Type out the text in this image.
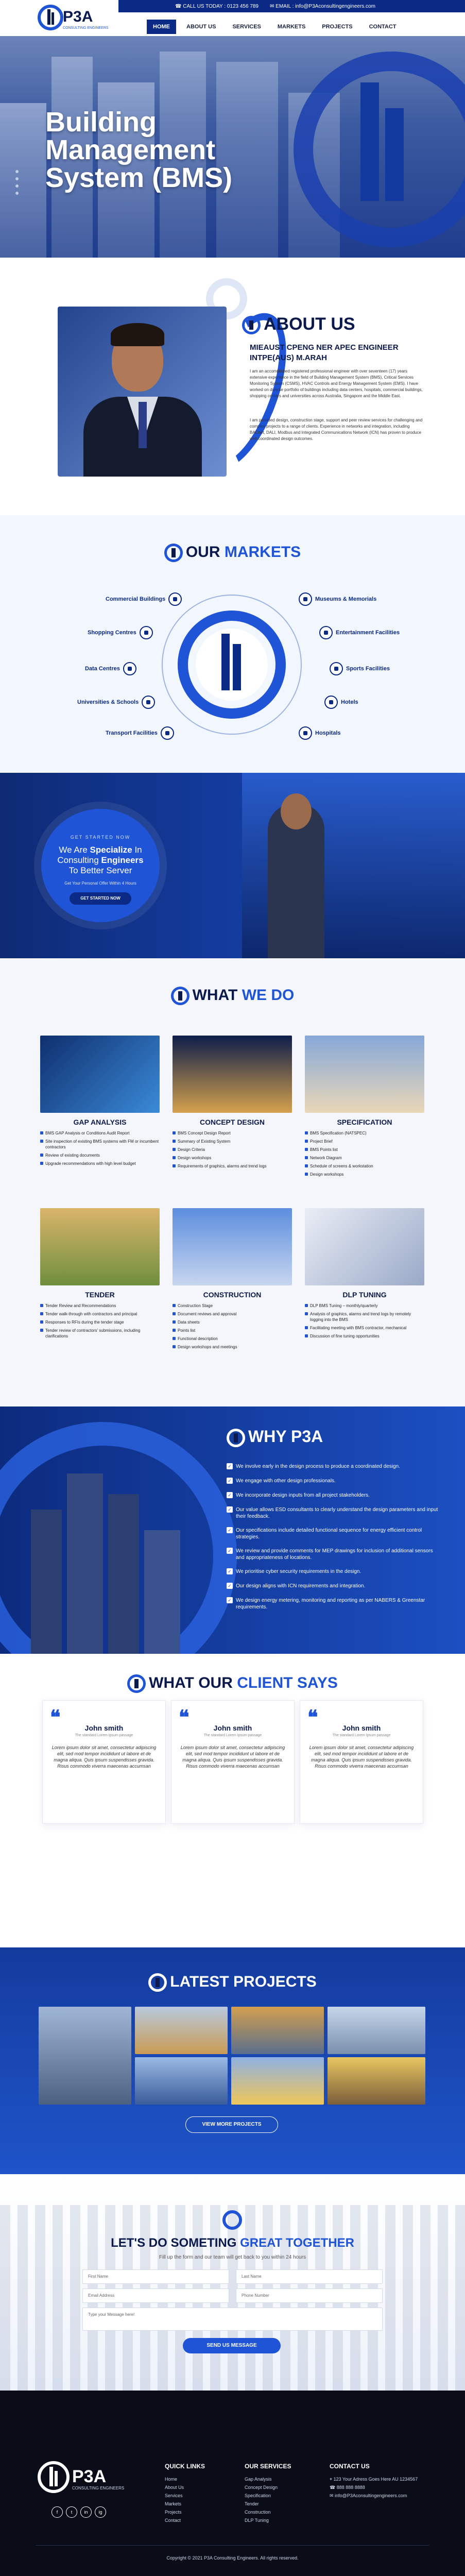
P3A
CONSULTING ENGINEERS
☎ CALL US TODAY : 0123 456 789 ✉ EMAIL : info@P3Aconsultingengineers.com
HOME	ABOUT US	SERVICES	MARKETS	PROJECTS	CONTACT
Building Management System (BMS)
ABOUT US
MIEAUST CPENG NER APEC ENGINEER INTPE(AUS) M.ARAH

I am an accomplished registered professional engineer with over seventeen (17) years extensive experience in the field of Building Management System (BMS), Critical Services Monitoring System (CSMS), HVAC Controls and Energy Management System (EMS). I have worked on diverse portfolio of buildings including data centers, hospitals, commercial buildings, shopping centers and universities across Australia, Singapore and the Middle East.

I am provided design, construction stage, support and peer review services for challenging and complex projects to a range of clients. Experience in networks and integration, including BACnet, DALI, Modbus and Integrated Communications Network (ICN) has proven to produce well-coordinated design outcomes.

OUR MARKETS
Commercial Buildings
Shopping Centres
Data Centres
Universities & Schools
Transport Facilities
Museums & Memorials
Entertainment Facilities
Sports Facilities
Hotels
Hospitals
GET STARTED NOW
We Are Specialize In
Consulting Engineers
To Better Server
Get Your Personal Offer Within 4 Hours
GET STARTED NOW
WHAT WE DO
GAP ANALYSIS
BMS GAP Analysis or Conditions Audit Report
Site inspection of existing BMS systems with FM or incumbent contractors
Review of existing documents
Upgrade recommendations with high level budget
CONCEPT DESIGN
BMS Concept Design Report
Summary of Existing System
Design Criteria
Design workshops
Requirements of graphics, alarms and trend logs
SPECIFICATION
BMS Specification (NATSPEC)
Project Brief
BMS Points list
Network Diagram
Schedule of screens & workstation
Design workshops
TENDER
Tender Review and Recommendations
Tender walk-through with contractors and principal
Responses to RFIs during the tender stage
Tender review of contractors' submissions, including clarifications
CONSTRUCTION
Construction Stage
Document reviews and approval
Data sheets
Points list
Functional description
Design workshops and meetings
DLP TUNING
DLP BMS Tuning – monthly/quarterly
Analysis of graphics, alarms and trend logs by remotely logging into the BMS
Facilitating meeting with BMS contractor, mechanical
Discussion of fine tuning opportunities
WHY P3A
✓ We involve early in the design process to produce a coordinated design.
✓ We engage with other design professionals.
✓ We incorporate design inputs from all project stakeholders.
✓ Our value allows ESD consultants to clearly understand the design parameters and input their feedback.
✓ Our specifications include detailed functional sequence for energy efficient control strategies.
✓ We review and provide comments for MEP drawings for inclusion of additional sensors and appropriateness of locations.
✓ We prioritise cyber security requirements in the design.
✓ Our design aligns with ICN requirements and integration.
✓ We design energy metering, monitoring and reporting as per NABERS & Greenstar requirements.
WHAT OUR CLIENT SAYS
❝	John smith
The standard Lorem Ipsum passage
Lorem ipsum dolor sit amet, consectetur adipiscing elit, sed mod tempor incididunt ut labore et de magna aliqua. Quis ipsum suspendisses gravida. Risus commodo viverra maecenas accumsan
❝	John smith
The standard Lorem Ipsum passage
Lorem ipsum dolor sit amet, consectetur adipiscing elit, sed mod tempor incididunt ut labore et de magna aliqua. Quis ipsum suspendisses gravida. Risus commodo viverra maecenas accumsan
❝	John smith
The standard Lorem Ipsum passage
Lorem ipsum dolor sit amet, consectetur adipiscing elit, sed mod tempor incididunt ut labore et de magna aliqua. Quis ipsum suspendisses gravida. Risus commodo viverra maecenas accumsan
LATEST PROJECTS
VIEW MORE PROJECTS
LET'S DO SOMETING GREAT TOGETHER
Fill up the form and our team will get back to you within 24 hours
First Name	Last Name
Email Address	Phone Number
Type your Message here!
SEND US MESSAGE
P3A
CONSULTING ENGINEERS
f	t	in ig
QUICK LINKS
Home
About Us
Services
Markets
Projects
Contact
OUR SERVICES
Gap Analysis
Concept Design
Specification
Tender
Construction
DLP Tuning
CONTACT US
⌖ 123 Your Adress Goes Here AU 1234567
☎ 888 888 8888
✉ info@P3Aconsultingengineers.com
Copyright © 2021 P3A Consulting Engineers. All rights reserved.
